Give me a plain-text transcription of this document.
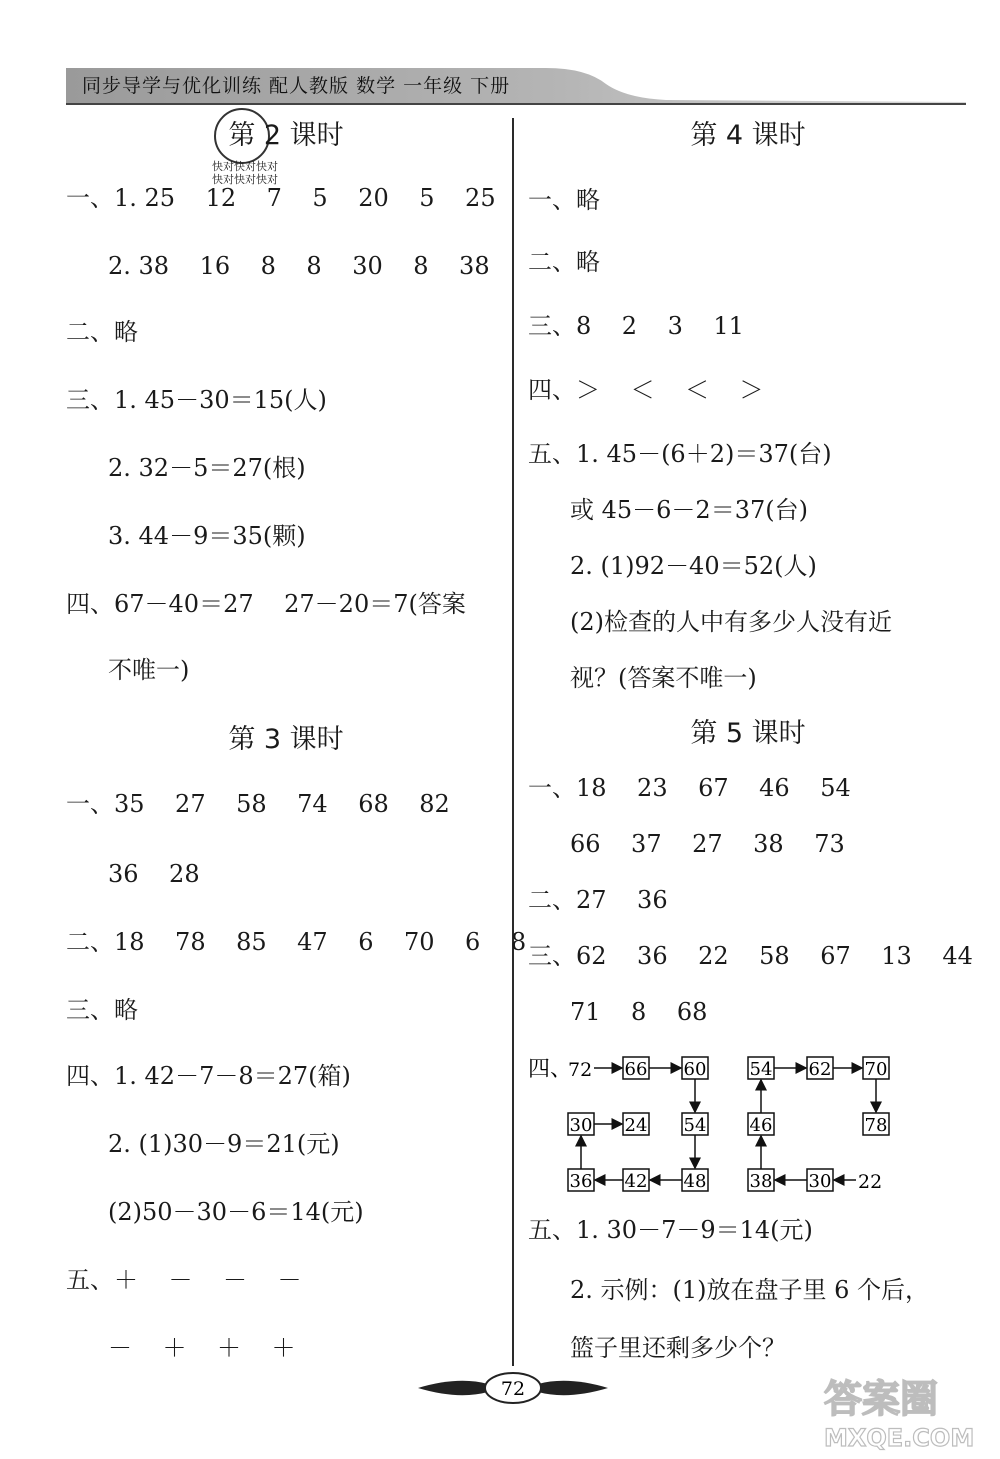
同步导学与优化训练 配人教版 数学 一年级 下册
快对快对快对
快对快对快对
第 2 课时
一、1. 25    12    7    5    20    5    25
2. 38    16    8    8    30    8    38
二、略
三、1. 45－30＝15(人)
2. 32－5＝27(根)
3. 44－9＝35(颗)
四、67－40＝27    27－20＝7(答案
不唯一)
第 3 课时
一、35    27    58    74    68    82
36    28
二、18    78    85    47    6    70    6    8
三、略
四、1. 42－7－8＝27(箱)
2. (1)30－9＝21(元)
(2)50－30－6＝14(元)
五、＋    －    －    －
－    ＋    ＋    ＋
第 4 课时
一、略
二、略
三、8    2    3    11
四、＞    ＜    ＜    ＞
五、1. 45－(6＋2)＝37(台)
或 45－6－2＝37(台)
2. (1)92－40＝52(人)
(2)检查的人中有多少人没有近
视？(答案不唯一)
第 5 课时
一、18    23    67    46    54
66    37    27    38    73
二、27    36
三、62    36    22    58    67    13    44
71    8    68
五、1. 30－7－9＝14(元)
2. 示例：(1)放在盘子里 6 个后，
篮子里还剩多少个？
四、
72
22
66 60
54
48
42
36
30 24
30
38
46
54 62 70
78
72	答案圈
MXQE.COM
